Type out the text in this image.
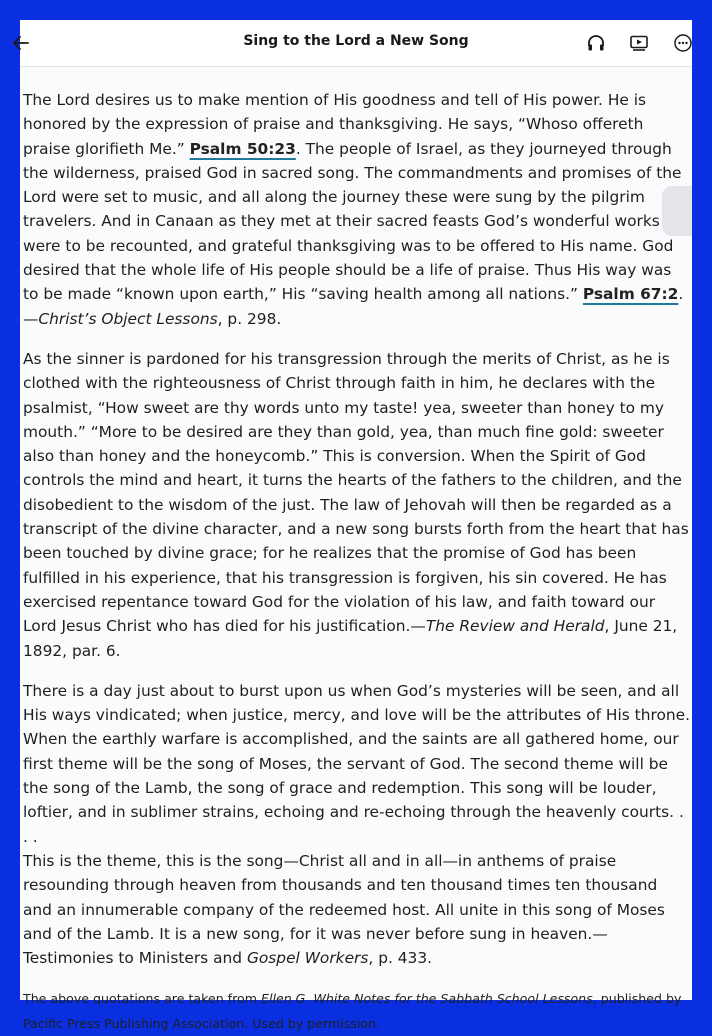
Sing to the Lord a New Song

The Lord desires us to make mention of His goodness and tell of His power. He is honored by the expression of praise and thanksgiving. He says, “Whoso offereth praise glorifieth Me.” Psalm 50:23. The people of Israel, as they journeyed through the wilderness, praised God in sacred song. The commandments and promises of the Lord were set to music, and all along the journey these were sung by the pilgrim travelers. And in Canaan as they met at their sacred feasts God’s wonderful works were to be recounted, and grateful thanksgiving was to be offered to His name. God desired that the whole life of His people should be a life of praise. Thus His way was to be made “known upon earth,” His “saving health among all nations.” Psalm 67:2.—Christ’s Object Lessons, p. 298.

As the sinner is pardoned for his transgression through the merits of Christ, as he is clothed with the righteousness of Christ through faith in him, he declares with the psalmist, “How sweet are thy words unto my taste! yea, sweeter than honey to my mouth.” “More to be desired are they than gold, yea, than much fine gold: sweeter also than honey and the honeycomb.” This is conversion. When the Spirit of God controls the mind and heart, it turns the hearts of the fathers to the children, and the disobedient to the wisdom of the just. The law of Jehovah will then be regarded as a transcript of the divine character, and a new song bursts forth from the heart that has been touched by divine grace; for he realizes that the promise of God has been fulfilled in his experience, that his transgression is forgiven, his sin covered. He has exercised repentance toward God for the violation of his law, and faith toward our Lord Jesus Christ who has died for his justification.—The Review and Herald, June 21, 1892, par. 6.

There is a day just about to burst upon us when God’s mysteries will be seen, and all His ways vindicated; when justice, mercy, and love will be the attributes of His throne. When the earthly warfare is accomplished, and the saints are all gathered home, our first theme will be the song of Moses, the servant of God. The second theme will be the song of the Lamb, the song of grace and redemption. This song will be louder, loftier, and in sublimer strains, echoing and re-echoing through the heavenly courts. . . .

This is the theme, this is the song—Christ all and in all—in anthems of praise resounding through heaven from thousands and ten thousand times ten thousand and an innumerable company of the redeemed host. All unite in this song of Moses and of the Lamb. It is a new song, for it was never before sung in heaven.—Testimonies to Ministers and Gospel Workers, p. 433.

The above quotations are taken from Ellen G. White Notes for the Sabbath School Lessons, published by Pacific Press Publishing Association. Used by permission.
